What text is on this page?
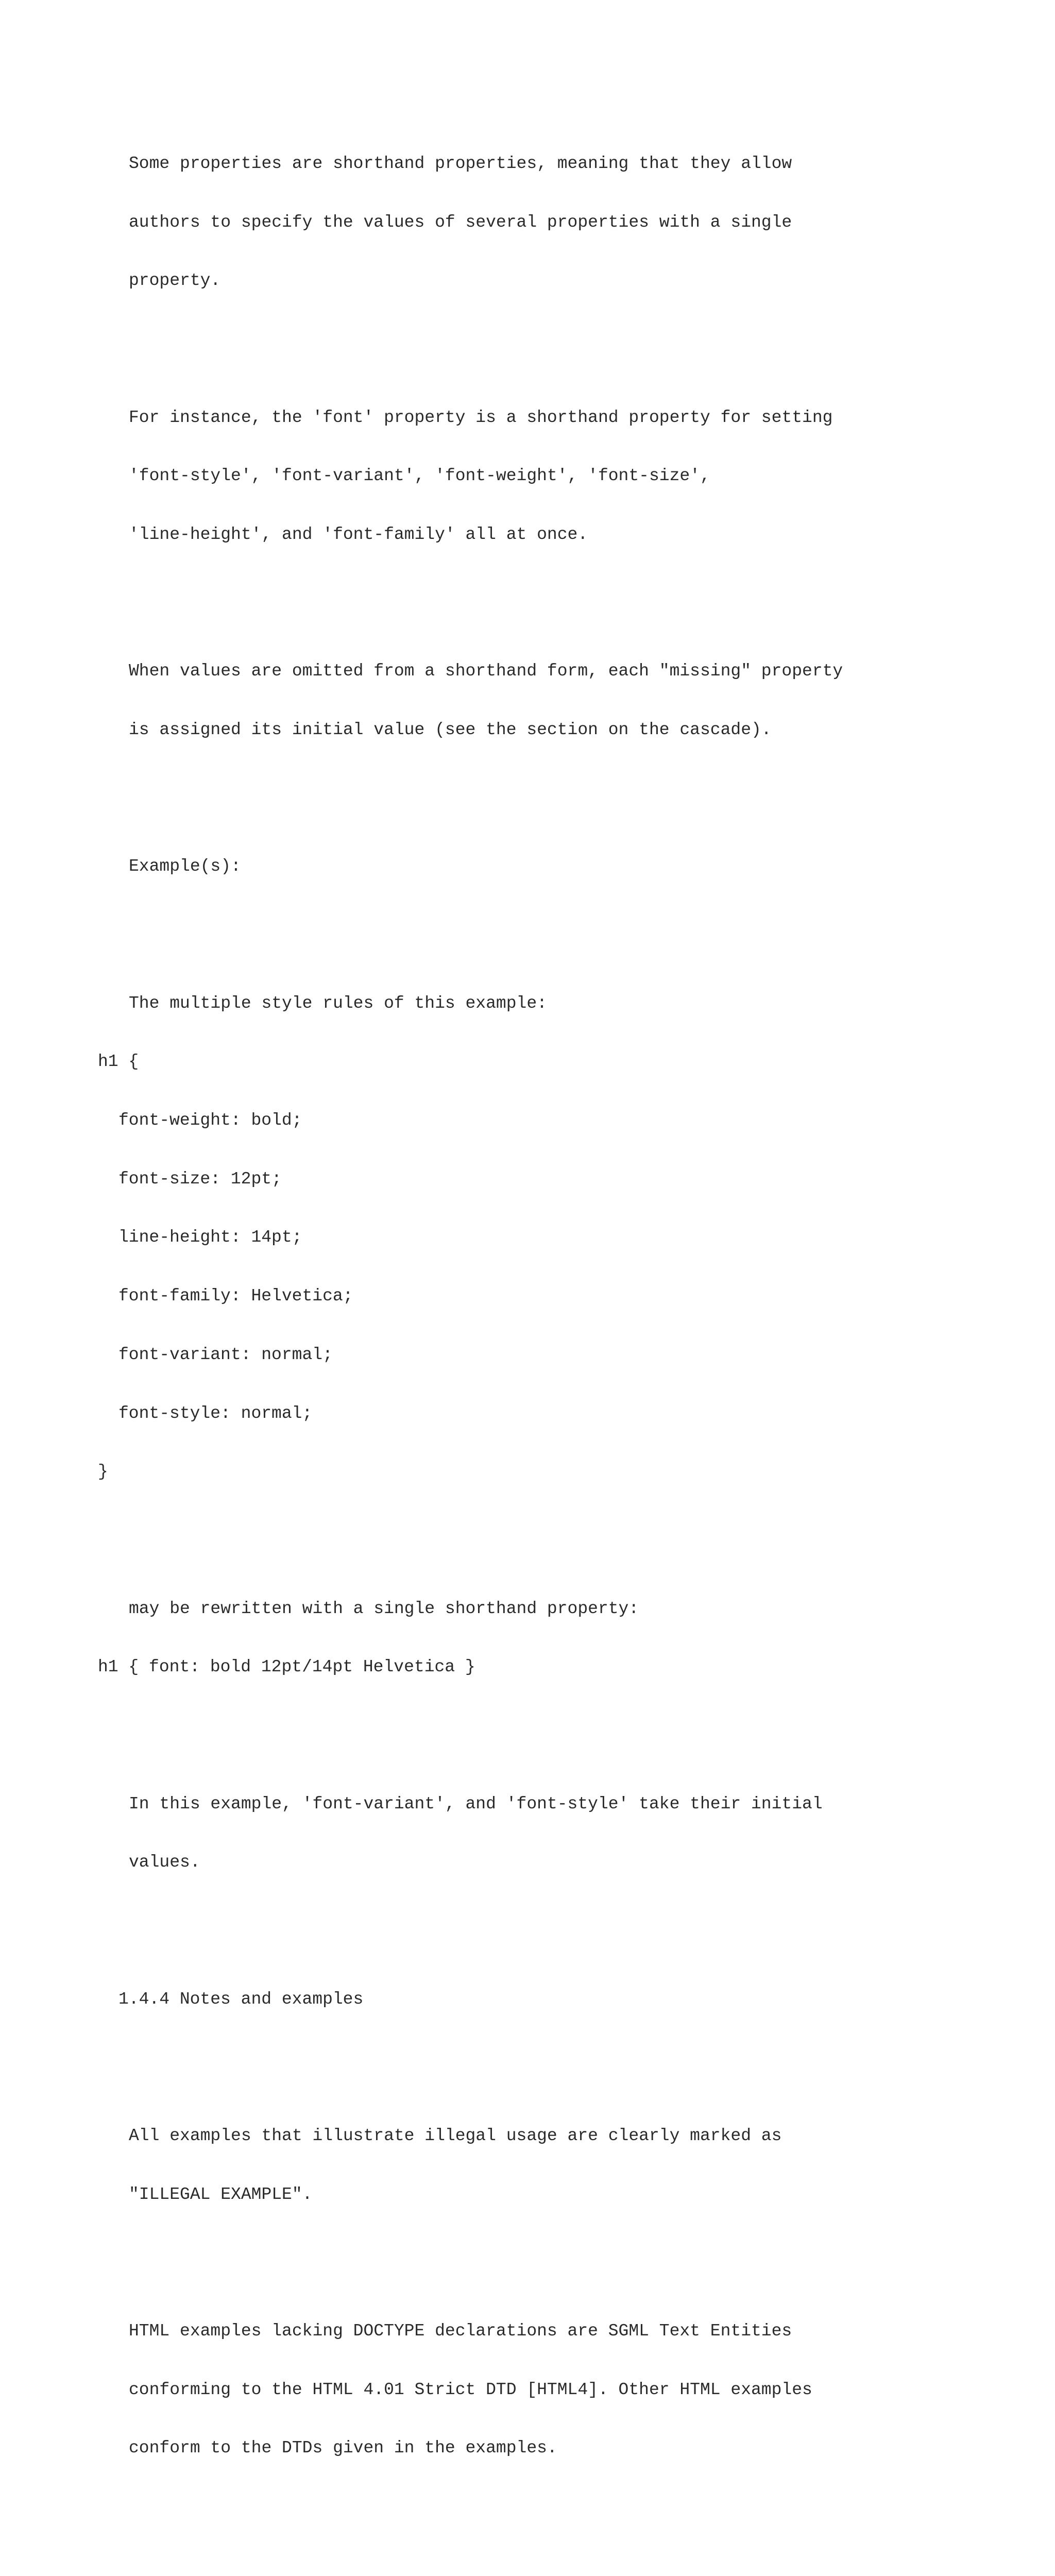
Some properties are shorthand properties, meaning that they allow

authors to specify the values of several properties with a single

property.

For instance, the 'font' property is a shorthand property for setting

'font-style', 'font-variant', 'font-weight', 'font-size',

'line-height', and 'font-family' all at once.

When values are omitted from a shorthand form, each "missing" property

is assigned its initial value (see the section on the cascade).

Example(s):

The multiple style rules of this example:

h1 {

font-weight: bold;

font-size: 12pt;

line-height: 14pt;

font-family: Helvetica;

font-variant: normal;

font-style: normal;

}

may be rewritten with a single shorthand property:

h1 { font: bold 12pt/14pt Helvetica }

In this example, 'font-variant', and 'font-style' take their initial

values.

1.4.4 Notes and examples

All examples that illustrate illegal usage are clearly marked as

"ILLEGAL EXAMPLE".

HTML examples lacking DOCTYPE declarations are SGML Text Entities

conforming to the HTML 4.01 Strict DTD [HTML4]. Other HTML examples

conform to the DTDs given in the examples.
